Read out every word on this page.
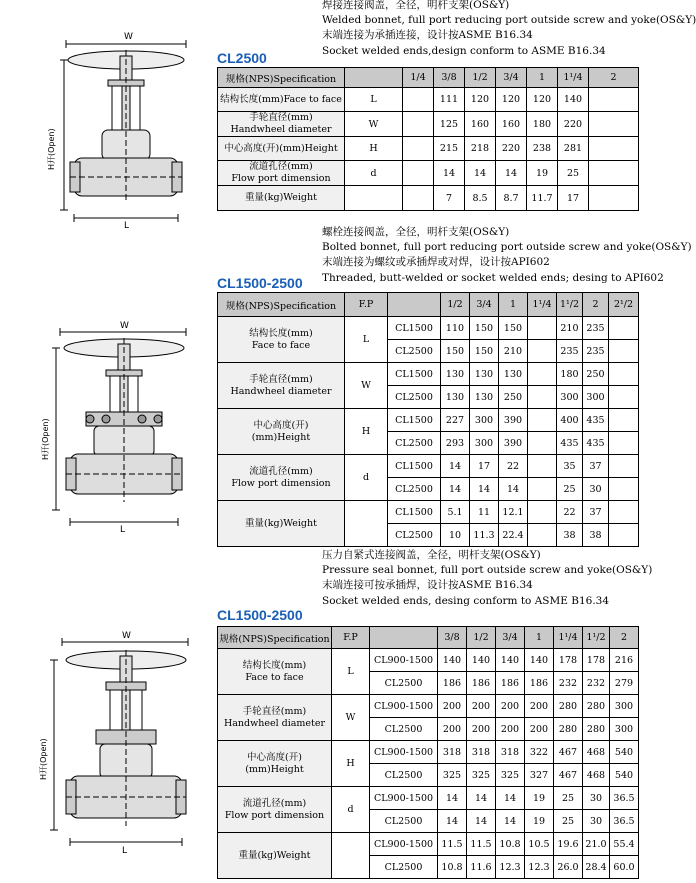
焊接连接阀盖，全径，明杆支架(OS&Y)
Welded bonnet, full port reducing port outside screw and yoke(OS&Y)
末端连接为承插连接，设计按ASME B16.34
Socket welded ends,design conform to ASME B16.34
CL2500
W
H开(Open)
L
规格(NPS)Specification		1/4	3/8	1/2	3/4	1	1¹/4	2
结构长度(mm)Face to face	L		111	120	120	120	140	
手轮直径(mm)
Handwheel diameter	W		125	160	160	180	220	
中心高度(开)(mm)Height	H		215	218	220	238	281	
流道孔径(mm)
Flow port dimension	d		14	14	14	19	25	
重量(kg)Weight			7	8.5	8.7	11.7	17	
螺栓连接阀盖，全径，明杆支架(OS&Y)
Bolted bonnet, full port reducing port outside screw and yoke(OS&Y)
末端连接为螺纹或承插焊或对焊，设计按API602
Threaded, butt-welded or socket welded ends; desing to API602
CL1500-2500
W
H开(Open)
L
规格(NPS)Specification	F.P		1/2	3/4	1	1¹/4	1¹/2	2	2¹/2
结构长度(mm)
Face to face	L	CL1500	110	150	150		210	235	
		CL2500	150	150	210		235	235	
手轮直径(mm)
Handwheel diameter	W	CL1500	130	130	130		180	250	
		CL2500	130	130	250		300	300	
中心高度(开)
(mm)Height	H	CL1500	227	300	390		400	435	
		CL2500	293	300	390		435	435	
流道孔径(mm)
Flow port dimension	d	CL1500	14	17	22		35	37	
		CL2500	14	14	14		25	30	
重量(kg)Weight		CL1500	5.1	11	12.1		22	37	
		CL2500	10	11.3	22.4		38	38	
压力自紧式连接阀盖，全径，明杆支架(OS&Y)
Pressure seal bonnet, full port outside screw and yoke(OS&Y)
末端连接可按承插焊，设计按ASME B16.34
Socket welded ends, desing conform to ASME B16.34
CL1500-2500
W
H开(Open)
L
规格(NPS)Specification	F.P		3/8	1/2	3/4	1	1¹/4	1¹/2	2
结构长度(mm)
Face to face	L	CL900-1500	140	140	140	140	178	178	216
		CL2500	186	186	186	186	232	232	279
手轮直径(mm)
Handwheel diameter	W	CL900-1500	200	200	200	200	280	280	300
		CL2500	200	200	200	200	280	280	300
中心高度(开)
(mm)Height	H	CL900-1500	318	318	318	322	467	468	540
		CL2500	325	325	325	327	467	468	540
流道孔径(mm)
Flow port dimension	d	CL900-1500	14	14	14	19	25	30	36.5
		CL2500	14	14	14	19	25	30	36.5
重量(kg)Weight		CL900-1500	11.5	11.5	10.8	10.5	19.6	21.0	55.4
		CL2500	10.8	11.6	12.3	12.3	26.0	28.4	60.0
